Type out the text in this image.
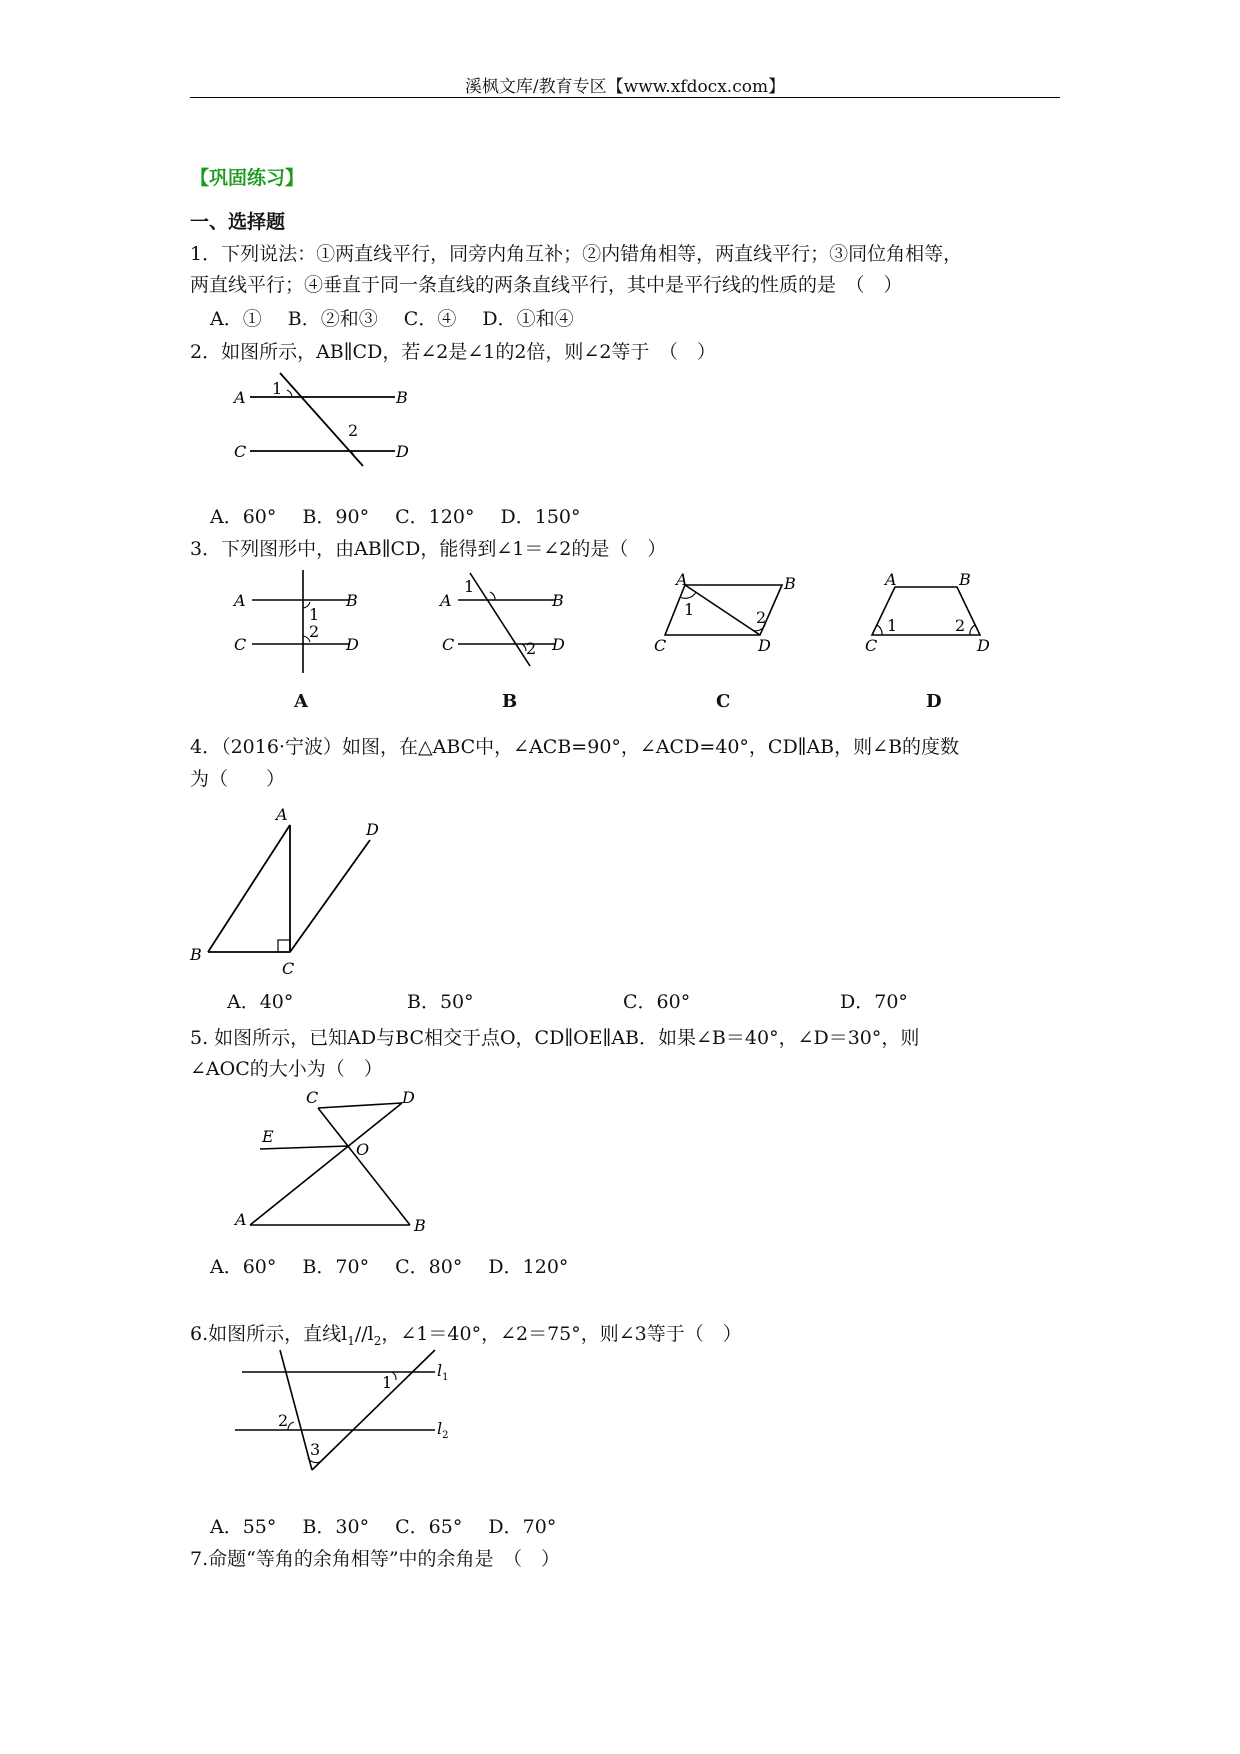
溪枫文库/教育专区【www.xfdocx.com】
【巩固练习】
一、选择题
1．下列说法：①两直线平行，同旁内角互补；②内错角相等，两直线平行；③同位角相等，
两直线平行；④垂直于同一条直线的两条直线平行，其中是平行线的性质的是　（　）
A．① B．②和③ C．④ D．①和④
2．如图所示，AB∥CD，若∠2是∠1的2倍，则∠2等于　（　）
A	B
C	D
1
2
A．60° B．90° C．120° D．150°
3．下列图形中，由AB∥CD，能得到∠1＝∠2的是（　）
A	B
C	D
1
2
A	B
C	D
1
2
A	B
C	D
1	2
A	B
C	D
1	2
A	B	C	D
4．（2016·宁波）如图，在△ABC中，∠ACB=90°，∠ACD=40°，CD∥AB，则∠B的度数
为（　　）
A
B
C
D
A．40°	B．50°	C．60°	D．70°
5. 如图所示，已知AD与BC相交于点O，CD∥OE∥AB．如果∠B＝40°，∠D＝30°，则
∠AOC的大小为（　）
C	D
E
O
A	B
A．60° B．70° C．80° D．120°
6.如图所示，直线$l_1//l_2$，∠1＝40°，∠2＝75°，则∠3等于（　）
1
2
3
$l_1$
$l_2$
A．55° B．30° C．65° D．70°
7.命题“等角的余角相等”中的余角是　（　）
